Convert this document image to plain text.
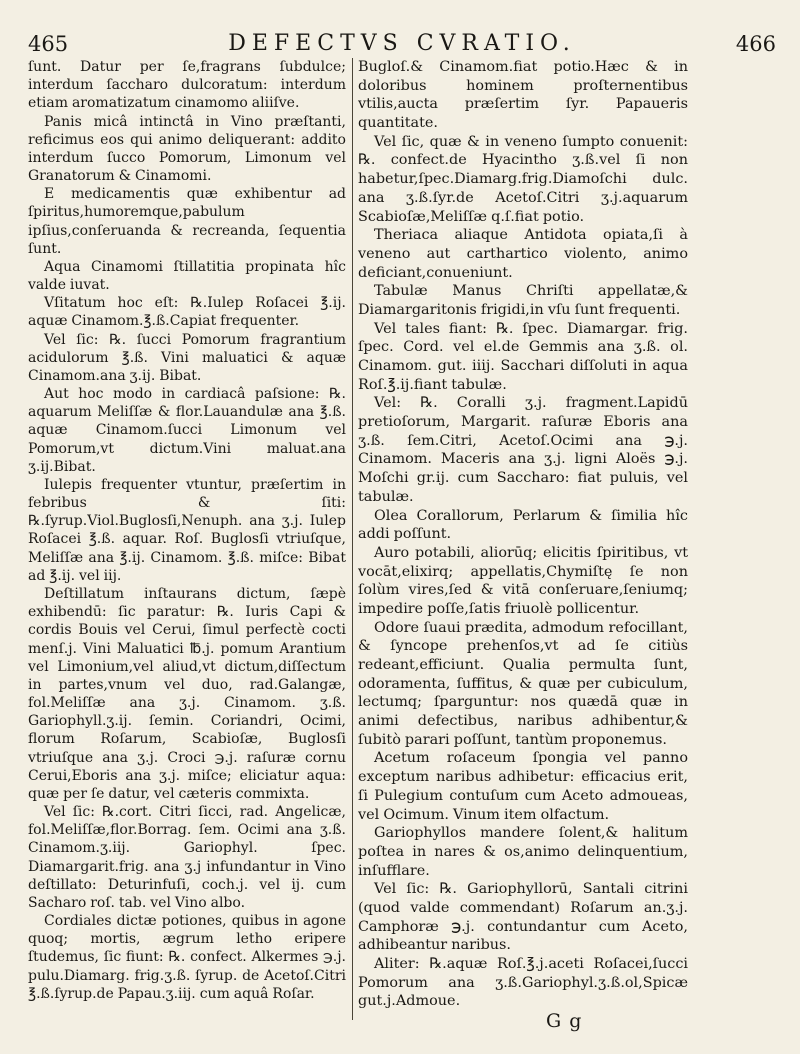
465	DEFECTVS CVRATIO.	466

ſunt. Datur per ſe,fragrans ſubdulce; interdum ſaccharo dulcoratum: interdum etiam aromatizatum cinamomo aliiſve.

Panis micâ intinctâ in Vino præſtanti, reficimus eos qui animo deliquerant: addito interdum ſucco Pomorum, Limonum vel Granatorum & Cinamomi.

E medicamentis quæ exhibentur ad ſpiritus,humoremque,pabulum ipſius,conſeruanda & recreanda, ſequentia ſunt.

Aqua Cinamomi ſtillatitia propinata hîc valde iuvat.

Vſitatum hoc eſt: ℞.Iulep Roſacei ℥.ij. aquæ Cinamom.℥.ß.Capiat frequenter.

Vel ſic: ℞. ſucci Pomorum fragrantium acidulorum ℥.ß. Vini maluatici & aquæ Cinamom.ana ʒ.ij. Bibat.

Aut hoc modo in cardiacâ paſsione: ℞. aquarum Meliſſæ & flor.Lauandulæ ana ℥.ß. aquæ Cinamom.ſucci Limonum vel Pomorum,vt dictum.Vini maluat.ana ʒ.ij.Bibat.

Iulepis frequenter vtuntur, præſertim in febribus & ſiti: ℞.ſyrup.Viol.Buglosſi,Nenuph. ana ʒ.j. Iulep Roſacei ℥.ß. aquar. Roſ. Buglosſi vtriuſque, Meliſſæ ana ℥.ij. Cinamom. ℥.ß. miſce: Bibat ad ℥.ij. vel iij.

Deſtillatum inſtaurans dictum, ſæpè exhibendū: ſic paratur: ℞. Iuris Capi & cordis Bouis vel Cerui, ſimul perfectè cocti menſ.j. Vini Maluatici ℔.j. pomum Arantium vel Limonium,vel aliud,vt dictum,diſſectum in partes,vnum vel duo, rad.Galangæ, fol.Meliſſæ ana ʒ.j. Cinamom. ʒ.ß. Gariophyll.ʒ.ij. ſemin. Coriandri, Ocimi, florum Roſarum, Scabioſæ, Buglosſi vtriuſque ana ʒ.j. Croci ℈.j. raſuræ cornu Cerui,Eboris ana ʒ.j. miſce; eliciatur aqua: quæ per ſe datur, vel cæteris commixta.

Vel ſic: ℞.cort. Citri ſicci, rad. Angelicæ, fol.Meliſſæ,flor.Borrag. ſem. Ocimi ana ʒ.ß. Cinamom.ʒ.iij. Gariophyl. ſpec. Diamargarit.frig. ana ʒ.j infundantur in Vino deſtillato: Deturinfuſi, coch.j. vel ij. cum Sacharo roſ. tab. vel Vino albo.

Cordiales dictæ potiones, quibus in agone quoq; mortis, ægrum letho eripere ſtudemus, ſic fiunt: ℞. confect. Alkermes ℈.j. pulu.Diamarg. frig.ʒ.ß. ſyrup. de Acetoſ.Citri ℥.ß.ſyrup.de Papau.ʒ.iij. cum aquâ Roſar.

Bugloſ.& Cinamom.fiat potio.Hæc & in doloribus hominem proſternentibus vtilis,aucta præſertim ſyr. Papaueris quantitate.

Vel ſic, quæ & in veneno ſumpto conuenit: ℞. confect.de Hyacintho ʒ.ß.vel ſi non habetur,ſpec.Diamarg.frig.Diamoſchi dulc. ana ʒ.ß.ſyr.de Acetoſ.Citri ʒ.j.aquarum Scabioſæ,Meliſſæ q.ſ.fiat potio.

Theriaca aliaque Antidota opiata,ſi à veneno aut carthartico violento, animo deficiant,conueniunt.

Tabulæ Manus Chriſti appellatæ,& Diamargaritonis frigidi,in vſu ſunt frequenti.

Vel tales fiant: ℞. ſpec. Diamargar. frig. ſpec. Cord. vel el.de Gemmis ana ʒ.ß. ol. Cinamom. gut. iiij. Sacchari diſſoluti in aqua Roſ.℥.ij.fiant tabulæ.

Vel: ℞. Coralli ʒ.j. fragment.Lapidū pretioſorum, Margarit. raſuræ Eboris ana ʒ.ß. ſem.Citri, Acetoſ.Ocimi ana ℈.j. Cinamom. Maceris ana ʒ.j. ligni Aloës ℈.j. Moſchi gr.ij. cum Saccharo: fiat puluis, vel tabulæ.

Olea Corallorum, Perlarum & ſimilia hîc addi poſſunt.

Auro potabili, aliorūq; elicitis ſpiritibus, vt vocāt,elixirq; appellatis,Chymiſtę ſe non ſolùm vires,ſed & vitā conſeruare,ſeniumq; impedire poſſe,ſatis friuolè pollicentur.

Odore ſuaui prædita, admodum refocillant, & ſyncope prehenſos,vt ad ſe citiùs redeant,efficiunt. Qualia permulta ſunt, odoramenta, ſuffitus, & quæ per cubiculum, lectumq; ſparguntur: nos quædā quæ in animi defectibus, naribus adhibentur,& ſubitò parari poſſunt, tantùm proponemus.

Acetum roſaceum ſpongia vel panno exceptum naribus adhibetur: efficacius erit, ſi Pulegium contuſum cum Aceto admoueas, vel Ocimum. Vinum item olfactum.

Gariophyllos mandere ſolent,& halitum poſtea in nares & os,animo delinquentium, inſufflare.

Vel ſic: ℞. Gariophyllorū, Santali citrini (quod valde commendant) Roſarum an.ʒ.j. Camphoræ ℈.j. contundantur cum Aceto, adhibeantur naribus.

Aliter: ℞.aquæ Roſ.℥.j.aceti Roſacei,ſucci Pomorum ana ʒ.ß.Gariophyl.ʒ.ß.ol,Spicæ gut.j.Admoue.

G g
